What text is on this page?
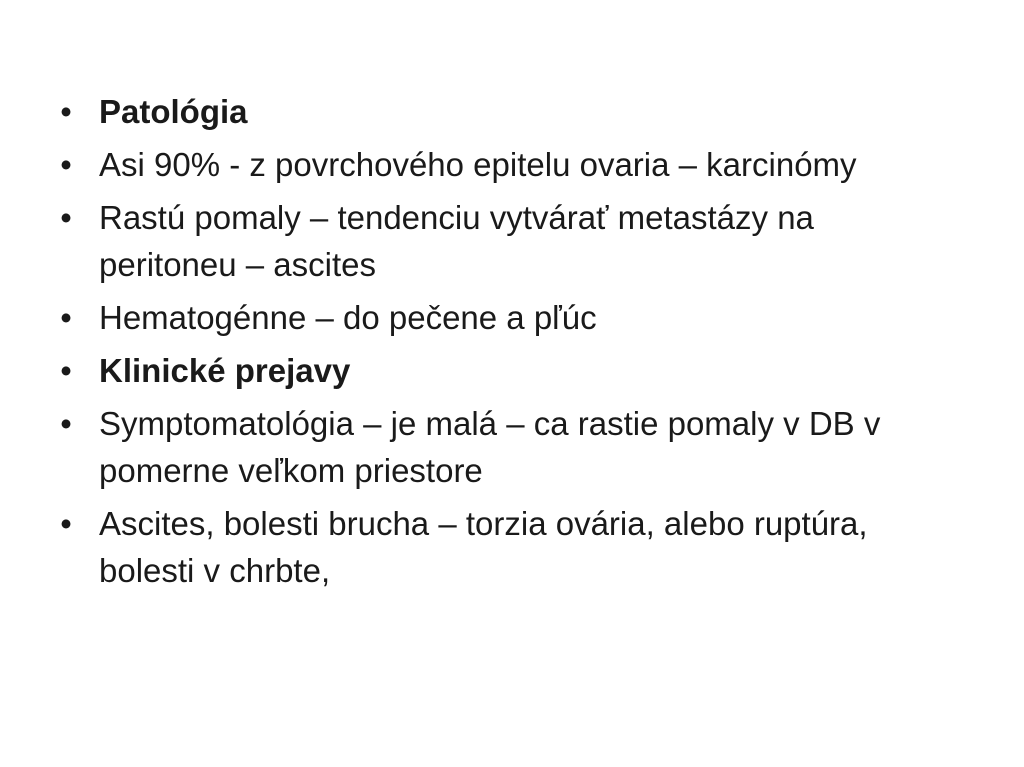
• Patológia
• Asi 90% - z povrchového epitelu ovaria – karcinómy
• Rastú pomaly – tendenciu vytvárať metastázy na peritoneu – ascites
• Hematogénne – do pečene a pľúc
• Klinické prejavy
• Symptomatológia – je malá – ca rastie pomaly v DB v pomerne veľkom priestore
• Ascites, bolesti brucha – torzia ovária, alebo ruptúra, bolesti v chrbte,
